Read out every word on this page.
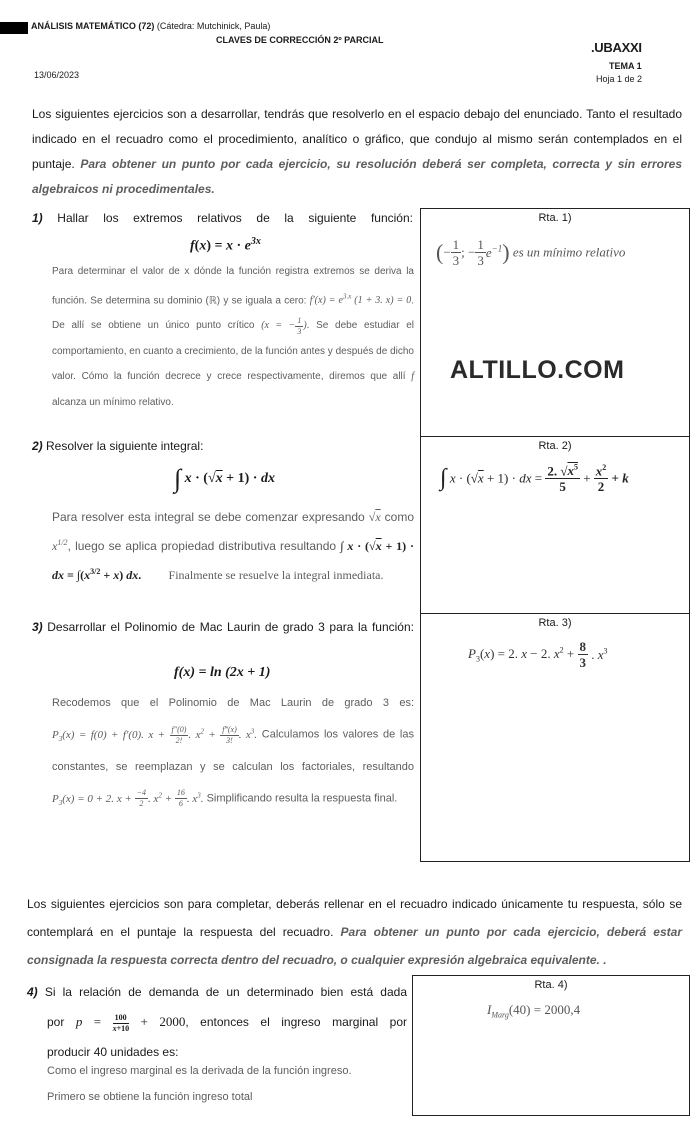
ANÁLISIS MATEMÁTICO (72) (Cátedra: Mutchinick, Paula)
CLAVES DE CORRECCIÓN 2º PARCIAL	.UBAXXI
TEMA 1
13/06/2023	Hoja 1 de 2
Los siguientes ejercicios son a desarrollar, tendrás que resolverlo en el espacio debajo del enunciado. Tanto el resultado indicado en el recuadro como el procedimiento, analítico o gráfico, que condujo al mismo serán contemplados en el puntaje. Para obtener un punto por cada ejercicio, su resolución deberá ser completa, correcta y sin errores algebraicos ni procedimentales.
Rta. 1)
(− $\frac{1}{3}$ ; − $\frac{1}{3} e^{-1}$) es un mínimo relativo
ALTILLO.COM
1) Hallar los extremos relativos de la siguiente función:
$f(x) = x \cdot e^{3x}$
Para determinar el valor de x dónde la función registra extremos se deriva la función. Se determina su dominio (ℝ) y se iguala a cero: $f'(x) = e^{3.x}$ (1 + 3. x) = 0. De allí se obtiene un único punto crítico (x = − $\frac{1}{3}$ ). Se debe estudiar el comportamiento, en cuanto a crecimiento, de la función antes y después de dicho valor. Cómo la función decrece y crece respectivamente, diremos que allí f alcanza un mínimo relativo.
Rta. 2)
∫ x · (√x + 1) · dx = $\frac{2. √x^5}{5} + \frac{x^2}{2} + k$
2) Resolver la siguiente integral:
∫ x · (√x + 1) · dx
Para resolver esta integral se debe comenzar expresando √x como $x^{1/2}$, luego se aplica propiedad distributiva resultando ∫ x · (√x + 1) · dx = $\int(x^{3/2} + x)$ dx. Finalmente se resuelve la integral inmediata.
Rta. 3)
$P_3(x) = 2$. x − 2. $x^2 + \frac{8}{3}$ . $x^3$
3) Desarrollar el Polinomio de Mac Laurin de grado 3 para la función:
f(x) = ln (2x + 1)
Recodemos que el Polinomio de Mac Laurin de grado 3 es: $P_3(x) = f(0) + f'(0)$. $x + \frac{f''(0)}{2!}$ . $x^2 + \frac{f‴(x)}{3!}$ . $x^3$. Calculamos los valores de las constantes, se reemplazan y se calculan los factoriales, resultando $P_3(x) = 0 + 2$. $x + \frac{-4}{2}$ . $x^2 + \frac{16}{6}$ . $x^3$. Simplificando resulta la respuesta final.
Los siguientes ejercicios son para completar, deberás rellenar en el recuadro indicado únicamente tu respuesta, sólo se contemplará en el puntaje la respuesta del recuadro. Para obtener un punto por cada ejercicio, deberá estar consignada la respuesta correcta dentro del recuadro, o cualquier expresión algebraica equivalente. .
Rta. 4)
$I_{Marg}(40) = 2000,4$
4) Si la relación de demanda de un determinado bien está dada
por $p = \frac{100}{x+10} + 2000$, entonces el ingreso marginal por
producir 40 unidades es:
Como el ingreso marginal es la derivada de la función ingreso.
Primero se obtiene la función ingreso total
